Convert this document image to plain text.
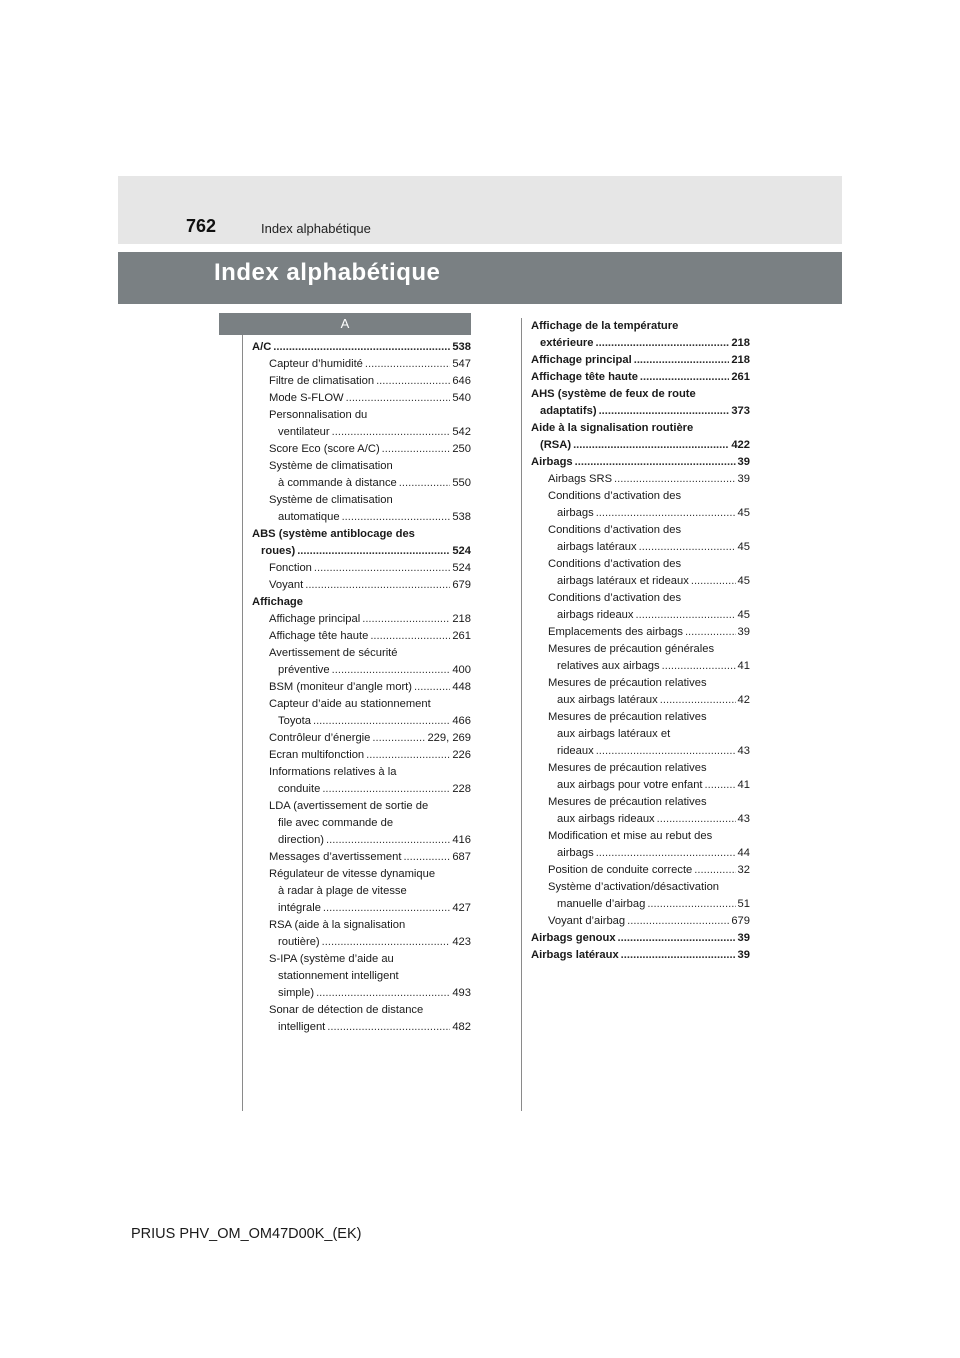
762	Index alphabétique
Index alphabétique
A
A/C .....	538
Capteur d’humidité .....	547
Filtre de climatisation .....	646
Mode S-FLOW .....	540
Personnalisation du
ventilateur .....	542
Score Eco (score A/C) .....	250
Système de climatisation
à commande à distance .....	550
Système de climatisation
automatique .....	538
ABS (système antiblocage des
roues) .....	524
Fonction .....	524
Voyant .....	679
Affichage
Affichage principal .....	218
Affichage tête haute .....	261
Avertissement de sécurité
préventive .....	400
BSM (moniteur d’angle mort) .....	448
Capteur d’aide au stationnement
Toyota .....	466
Contrôleur d’énergie .....	229, 269
Ecran multifonction .....	226
Informations relatives à la
conduite .....	228
LDA (avertissement de sortie de
file avec commande de
direction) .....	416
Messages d’avertissement .....	687
Régulateur de vitesse dynamique
à radar à plage de vitesse
intégrale .....	427
RSA (aide à la signalisation
routière) .....	423
S-IPA (système d’aide au
stationnement intelligent
simple) .....	493
Sonar de détection de distance
intelligent .....	482
Affichage de la température
extérieure .....	218
Affichage principal .....	218
Affichage tête haute .....	261
AHS (système de feux de route
adaptatifs) .....	373
Aide à la signalisation routière
(RSA) .....	422
Airbags .....	39
Airbags SRS .....	39
Conditions d’activation des
airbags .....	45
Conditions d’activation des
airbags latéraux .....	45
Conditions d’activation des
airbags latéraux et rideaux .....	45
Conditions d’activation des
airbags rideaux .....	45
Emplacements des airbags .....	39
Mesures de précaution générales
relatives aux airbags .....	41
Mesures de précaution relatives
aux airbags latéraux .....	42
Mesures de précaution relatives
aux airbags latéraux et
rideaux .....	43
Mesures de précaution relatives
aux airbags pour votre enfant .....	41
Mesures de précaution relatives
aux airbags rideaux .....	43
Modification et mise au rebut des
airbags .....	44
Position de conduite correcte .....	32
Système d’activation/désactivation
manuelle d’airbag .....	51
Voyant d’airbag .....	679
Airbags genoux .....	39
Airbags latéraux .....	39
PRIUS PHV_OM_OM47D00K_(EK)
